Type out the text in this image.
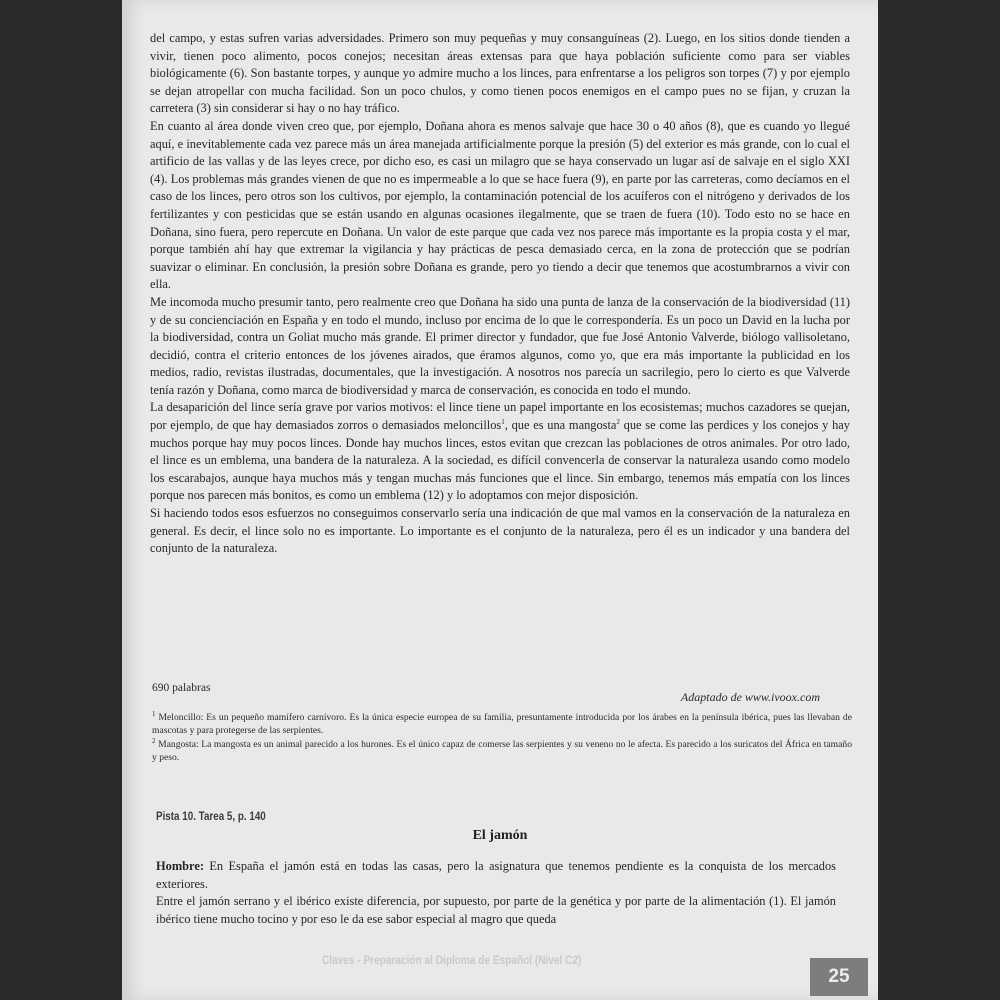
del campo, y estas sufren varias adversidades. Primero son muy pequeñas y muy consanguíneas (2). Luego, en los sitios donde tienden a vivir, tienen poco alimento, pocos conejos; necesitan áreas extensas para que haya población suficiente como para ser viables biológicamente (6). Son bastante torpes, y aunque yo admire mucho a los linces, para enfrentarse a los peligros son torpes (7) y por ejemplo se dejan atropellar con mucha facilidad. Son un poco chulos, y como tienen pocos enemigos en el campo pues no se fijan, y cruzan la carretera (3) sin considerar si hay o no hay tráfico.

En cuanto al área donde viven creo que, por ejemplo, Doñana ahora es menos salvaje que hace 30 o 40 años (8), que es cuando yo llegué aquí, e inevitablemente cada vez parece más un área manejada artificialmente porque la presión (5) del exterior es más grande, con lo cual el artificio de las vallas y de las leyes crece, por dicho eso, es casi un milagro que se haya conservado un lugar así de salvaje en el siglo XXI (4). Los problemas más grandes vienen de que no es impermeable a lo que se hace fuera (9), en parte por las carreteras, como decíamos en el caso de los linces, pero otros son los cultivos, por ejemplo, la contaminación potencial de los acuíferos con el nitrógeno y derivados de los fertilizantes y con pesticidas que se están usando en algunas ocasiones ilegalmente, que se traen de fuera (10). Todo esto no se hace en Doñana, sino fuera, pero repercute en Doñana. Un valor de este parque que cada vez nos parece más importante es la propia costa y el mar, porque también ahí hay que extremar la vigilancia y hay prácticas de pesca demasiado cerca, en la zona de protección que se podrían suavizar o eliminar. En conclusión, la presión sobre Doñana es grande, pero yo tiendo a decir que tenemos que acostumbrarnos a vivir con ella.

Me incomoda mucho presumir tanto, pero realmente creo que Doñana ha sido una punta de lanza de la conservación de la biodiversidad (11) y de su concienciación en España y en todo el mundo, incluso por encima de lo que le correspondería. Es un poco un David en la lucha por la biodiversidad, contra un Goliat mucho más grande. El primer director y fundador, que fue José Antonio Valverde, biólogo vallisoletano, decidió, contra el criterio entonces de los jóvenes airados, que éramos algunos, como yo, que era más importante la publicidad en los medios, radio, revistas ilustradas, documentales, que la investigación. A nosotros nos parecía un sacrilegio, pero lo cierto es que Valverde tenía razón y Doñana, como marca de biodiversidad y marca de conservación, es conocida en todo el mundo.

La desaparición del lince sería grave por varios motivos: el lince tiene un papel importante en los ecosistemas; muchos cazadores se quejan, por ejemplo, de que hay demasiados zorros o demasiados meloncillos$^1$, que es una mangosta$^2$ que se come las perdices y los conejos y hay muchos porque hay muy pocos linces. Donde hay muchos linces, estos evitan que crezcan las poblaciones de otros animales. Por otro lado, el lince es un emblema, una bandera de la naturaleza. A la sociedad, es difícil convencerla de conservar la naturaleza usando como modelo los escarabajos, aunque haya muchos más y tengan muchas más funciones que el lince. Sin embargo, tenemos más empatía con los linces porque nos parecen más bonitos, es como un emblema (12) y lo adoptamos con mejor disposición.

Si haciendo todos esos esfuerzos no conseguimos conservarlo sería una indicación de que mal vamos en la conservación de la naturaleza en general. Es decir, el lince solo no es importante. Lo importante es el conjunto de la naturaleza, pero él es un indicador y una bandera del conjunto de la naturaleza.

690 palabras
Adaptado de www.ivoox.com

$^1$ Meloncillo: Es un pequeño mamífero carnívoro. Es la única especie europea de su familia, presuntamente introducida por los árabes en la península ibérica, pues las llevaban de mascotas y para protegerse de las serpientes.

$^2$ Mangosta: La mangosta es un animal parecido a los hurones. Es el único capaz de comerse las serpientes y su veneno no le afecta. Es parecido a los suricatos del África en tamaño y peso.

Pista 10. Tarea 5, p. 140
El jamón

Hombre: En España el jamón está en todas las casas, pero la asignatura que tenemos pendiente es la conquista de los mercados exteriores.

Entre el jamón serrano y el ibérico existe diferencia, por supuesto, por parte de la genética y por parte de la alimentación (1). El jamón ibérico tiene mucho tocino y por eso le da ese sabor especial al magro que queda

Claves - Preparación al Diploma de Español (Nivel C2)
25
